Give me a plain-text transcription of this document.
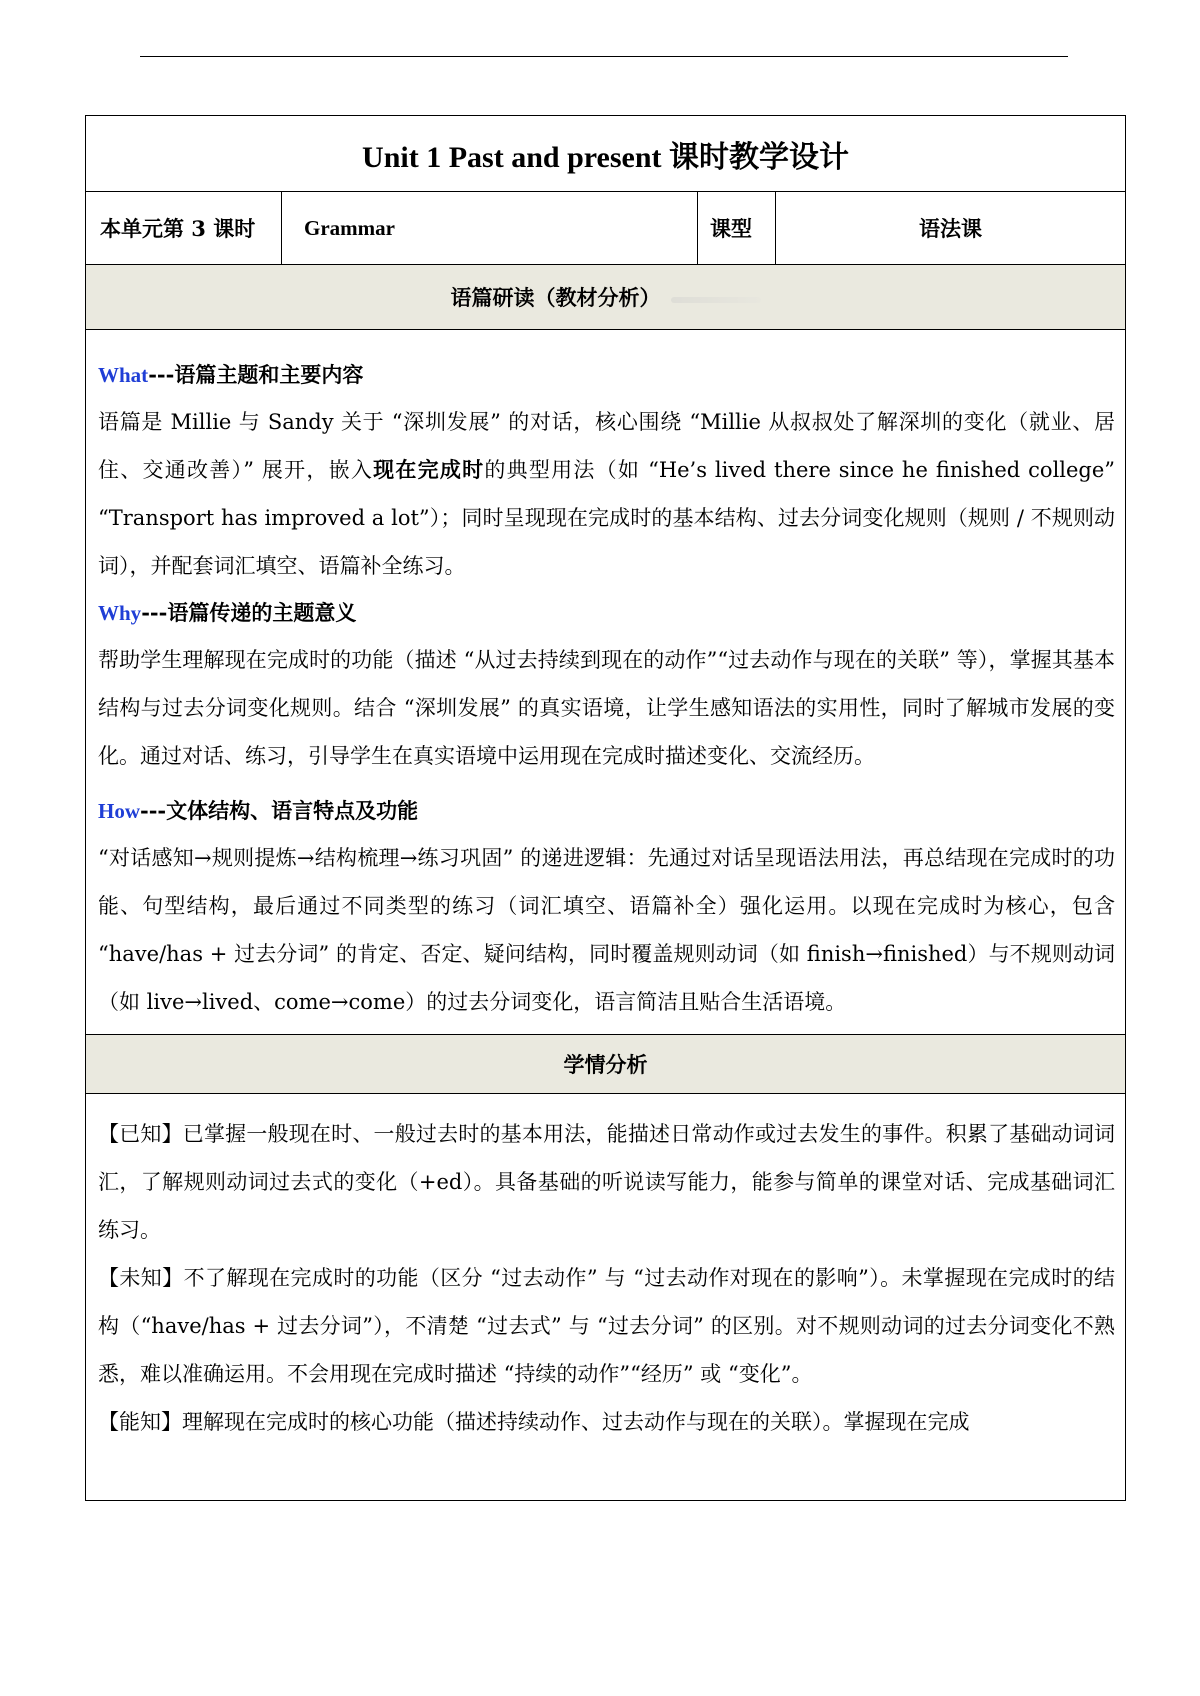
Unit 1 Past and present 课时教学设计
本单元第 3 课时	Grammar	课型	语法课
语篇研读（教材分析）

What---语篇主题和主要内容

语篇是 Millie 与 Sandy 关于 “深圳发展” 的对话，核心围绕 “Millie 从叔叔处了解深圳的变化（就业、居住、交通改善）” 展开，嵌入现在完成时的典型用法（如 “He’s lived there since he finished college” “Transport has improved a lot”）；同时呈现现在完成时的基本结构、过去分词变化规则（规则 / 不规则动词），并配套词汇填空、语篇补全练习。

Why---语篇传递的主题意义

帮助学生理解现在完成时的功能（描述 “从过去持续到现在的动作”“过去动作与现在的关联” 等），掌握其基本结构与过去分词变化规则。结合 “深圳发展” 的真实语境，让学生感知语法的实用性，同时了解城市发展的变化。通过对话、练习，引导学生在真实语境中运用现在完成时描述变化、交流经历。

How---文体结构、语言特点及功能

“对话感知→规则提炼→结构梳理→练习巩固” 的递进逻辑：先通过对话呈现语法用法，再总结现在完成时的功能、句型结构，最后通过不同类型的练习（词汇填空、语篇补全）强化运用。以现在完成时为核心，包含 “have/has + 过去分词” 的肯定、否定、疑问结构，同时覆盖规则动词（如 finish→finished）与不规则动词（如 live→lived、come→come）的过去分词变化，语言简洁且贴合生活语境。

学情分析

【已知】已掌握一般现在时、一般过去时的基本用法，能描述日常动作或过去发生的事件。积累了基础动词词汇，了解规则动词过去式的变化（+ed）。具备基础的听说读写能力，能参与简单的课堂对话、完成基础词汇练习。

【未知】不了解现在完成时的功能（区分 “过去动作” 与 “过去动作对现在的影响”）。未掌握现在完成时的结构（“have/has + 过去分词”），不清楚 “过去式” 与 “过去分词” 的区别。对不规则动词的过去分词变化不熟悉，难以准确运用。不会用现在完成时描述 “持续的动作”“经历” 或 “变化”。

【能知】理解现在完成时的核心功能（描述持续动作、过去动作与现在的关联）。掌握现在完成
